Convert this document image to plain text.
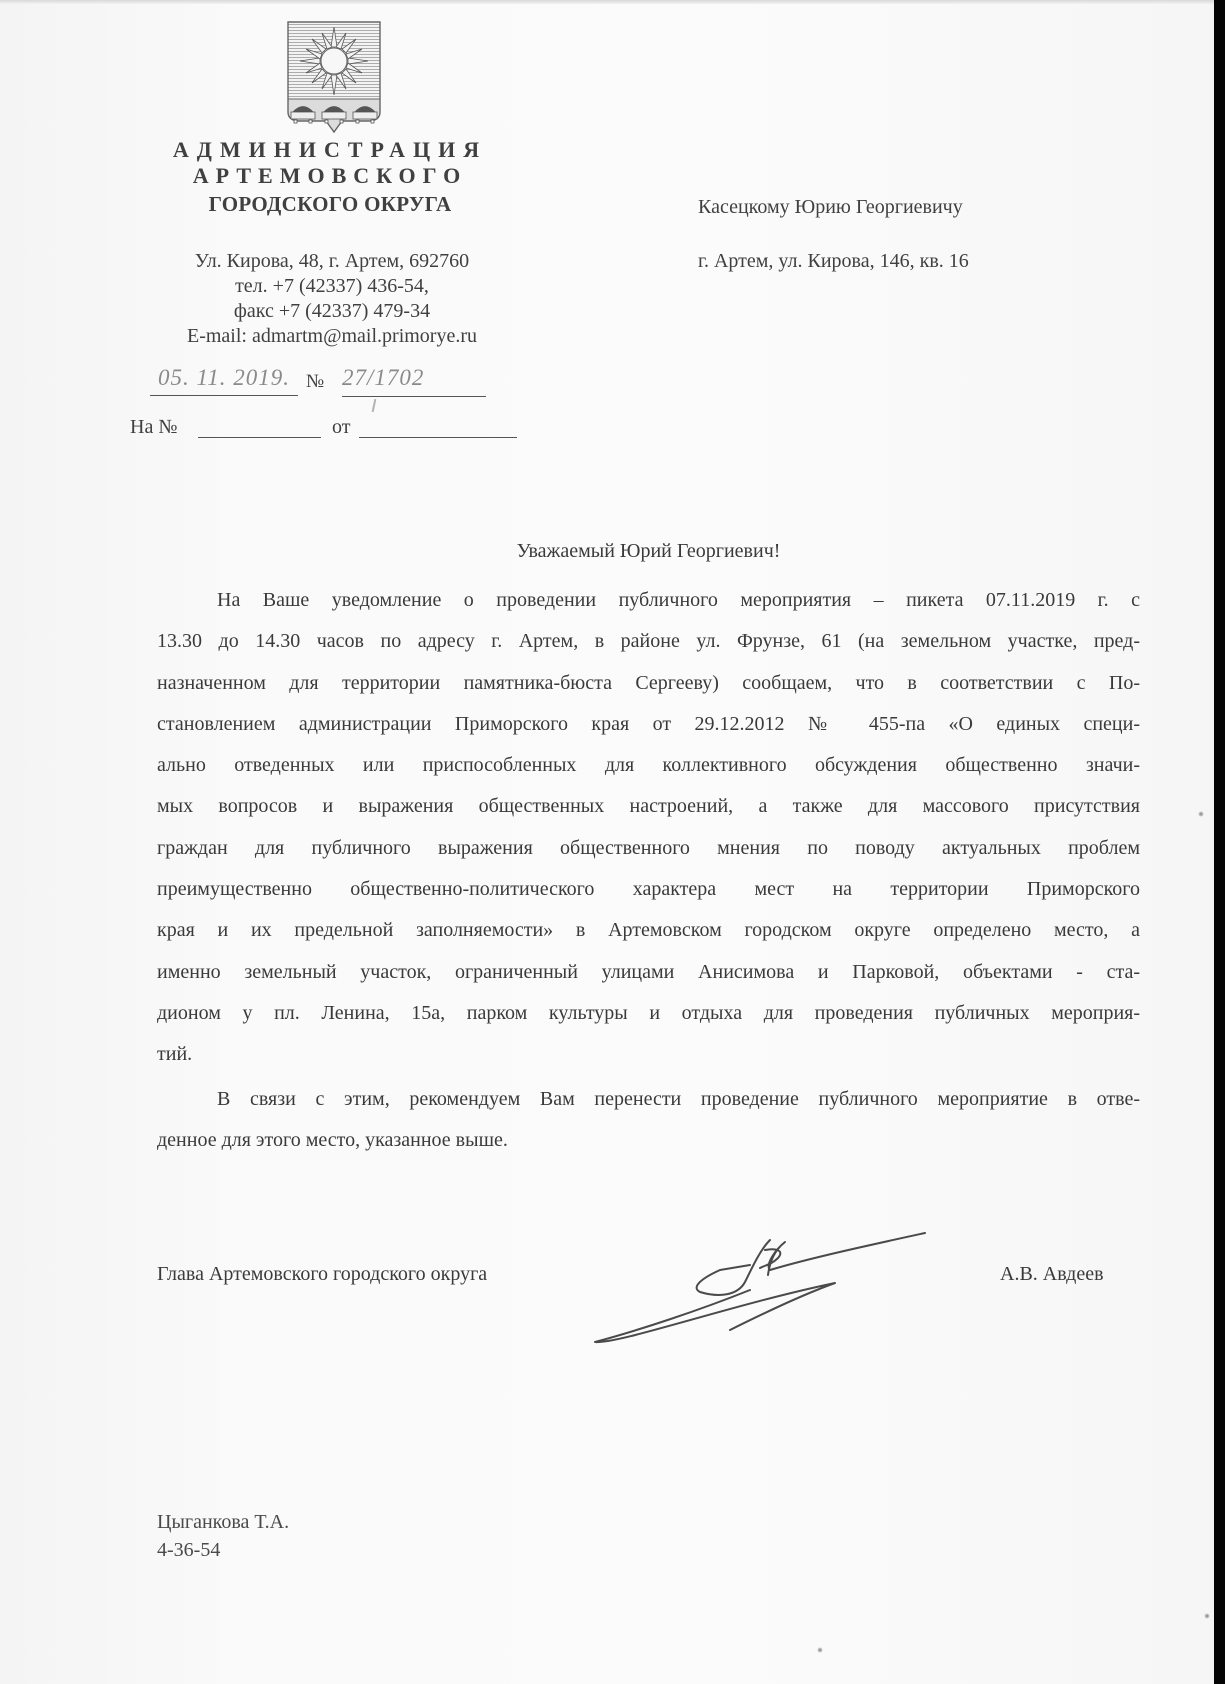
АДМИНИСТРАЦИЯ
АРТЕМОВСКОГО
ГОРОДСКОГО ОКРУГА
Ул. Кирова, 48, г. Артем, 692760
тел. +7 (42337) 436-54,
факс +7 (42337) 479-34
E-mail: admartm@mail.primorye.ru
05. 11. 2019. № 27/1702
На №	от
Касецкому Юрию Георгиевичу
г. Артем, ул. Кирова, 146, кв. 16
Уважаемый Юрий Георгиевич!
На Ваше уведомление о проведении публичного мероприятия – пикета 07.11.2019 г. с
13.30 до 14.30 часов по адресу г. Артем, в районе ул. Фрунзе, 61 (на земельном участке, пред-
назначенном для территории памятника-бюста Сергееву) сообщаем, что в соответствии с По-
становлением администрации Приморского края от 29.12.2012 № 455-па «О единых специ-
ально отведенных или приспособленных для коллективного обсуждения общественно значи-
мых вопросов и выражения общественных настроений, а также для массового присутствия
граждан для публичного выражения общественного мнения по поводу актуальных проблем
преимущественно общественно-политического характера мест на территории Приморского
края и их предельной заполняемости» в Артемовском городском округе определено место, а
именно земельный участок, ограниченный улицами Анисимова и Парковой, объектами - ста-
дионом у пл. Ленина, 15а, парком культуры и отдыха для проведения публичных мероприя-
тий.
В связи с этим, рекомендуем Вам перенести проведение публичного мероприятие в отве-
денное для этого место, указанное выше.
Глава Артемовского городского округа	А.В. Авдеев
Цыганкова Т.А.
4-36-54
